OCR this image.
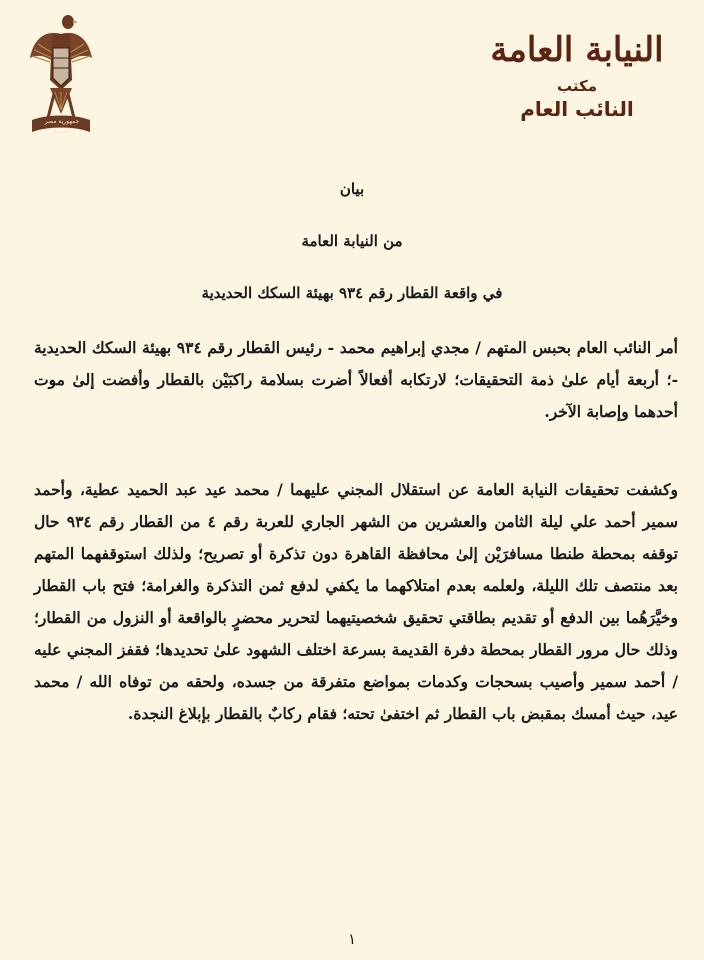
جمهورية مصر العربية
النيابة العامة
مكتب
النائب العام
بيان
من النيابة العامة
في واقعة القطار رقم ٩٣٤ بهيئة السكك الحديدية
أمر النائب العام بحبس المتهم / مجدي إبراهيم محمد - رئيس القطار رقم ٩٣٤ بهيئة السكك الحديدية -؛ أربعة أيام علىٰ ذمة التحقيقات؛ لارتكابه أفعالاً أضرت بسلامة راكبَيْن بالقطار وأفضت إلىٰ موت أحدهما وإصابة الآخر.
وكشفت تحقيقات النيابة العامة عن استقلال المجني عليهما / محمد عيد عبد الحميد عطية، وأحمد سمير أحمد علي ليلة الثامن والعشرين من الشهر الجاري للعربة رقم ٤ من القطار رقم ٩٣٤ حال توقفه بمحطة طنطا مسافرَيْن إلىٰ محافظة القاهرة دون تذكرة أو تصريح؛ ولذلك استوقفهما المتهم بعد منتصف تلك الليلة، ولعلمه بعدم امتلاكهما ما يكفي لدفع ثمن التذكرة والغرامة؛ فتح باب القطار وخيَّرَهُما بين الدفع أو تقديم بطاقتي تحقيق شخصيتيهما لتحرير محضرٍ بالواقعة أو النزول من القطار؛ وذلك حال مرور القطار بمحطة دفرة القديمة بسرعة اختلف الشهود علىٰ تحديدها؛ فقفز المجني عليه / أحمد سمير وأصيب بسحجات وكدمات بمواضع متفرقة من جسده، ولحقه من توفاه الله / محمد عيد، حيث أمسك بمقبض باب القطار ثم اختفىٰ تحته؛ فقام ركابٌ بالقطار بإبلاغ النجدة.
١
